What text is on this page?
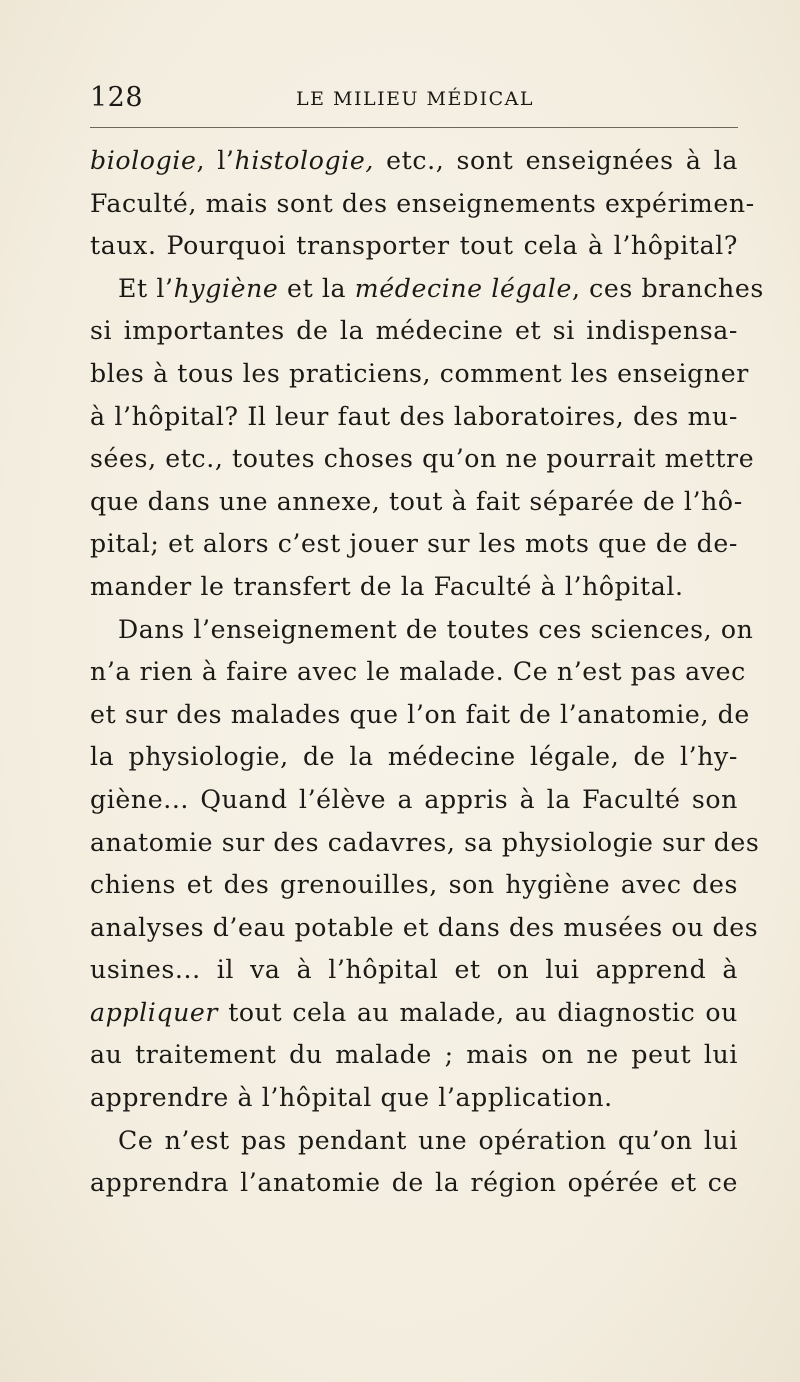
128	LE MILIEU MÉDICAL
biologie, l’histologie, etc., sont enseignées à la
Faculté, mais sont des enseignements expérimen-
taux. Pourquoi transporter tout cela à l’hôpital?
Et l’hygiène et la médecine légale, ces branches
si importantes de la médecine et si indispensa-
bles à tous les praticiens, comment les enseigner
à l’hôpital? Il leur faut des laboratoires, des mu-
sées, etc., toutes choses qu’on ne pourrait mettre
que dans une annexe, tout à fait séparée de l’hô-
pital; et alors c’est jouer sur les mots que de de-
mander le transfert de la Faculté à l’hôpital.
Dans l’enseignement de toutes ces sciences, on
n’a rien à faire avec le malade. Ce n’est pas avec
et sur des malades que l’on fait de l’anatomie, de
la physiologie, de la médecine légale, de l’hy-
giène... Quand l’élève a appris à la Faculté son
anatomie sur des cadavres, sa physiologie sur des
chiens et des grenouilles, son hygiène avec des
analyses d’eau potable et dans des musées ou des
usines... il va à l’hôpital et on lui apprend à
appliquer tout cela au malade, au diagnostic ou
au traitement du malade ; mais on ne peut lui
apprendre à l’hôpital que l’application.
Ce n’est pas pendant une opération qu’on lui
apprendra l’anatomie de la région opérée et ce
